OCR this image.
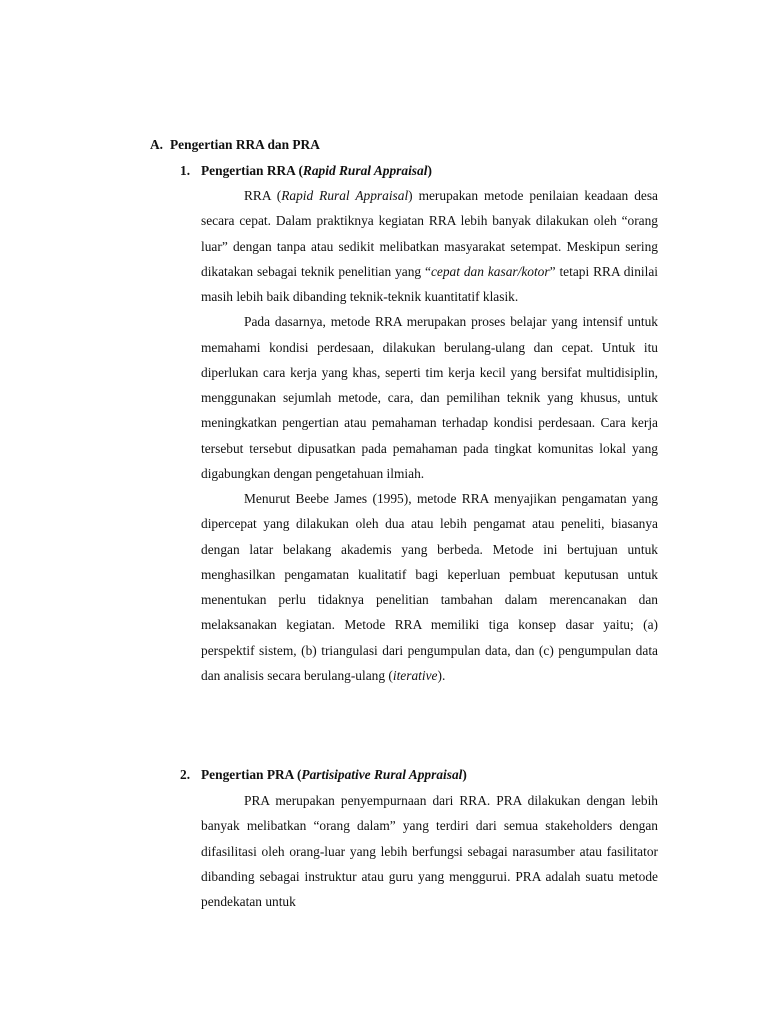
A. Pengertian RRA dan PRA
1. Pengertian RRA (Rapid Rural Appraisal)

RRA (Rapid Rural Appraisal) merupakan metode penilaian keadaan desa secara cepat. Dalam praktiknya kegiatan RRA lebih banyak dilakukan oleh “orang luar” dengan tanpa atau sedikit melibatkan masyarakat setempat. Meskipun sering dikatakan sebagai teknik penelitian yang “cepat dan kasar/kotor” tetapi RRA dinilai masih lebih baik dibanding teknik-teknik kuantitatif klasik.

Pada dasarnya, metode RRA merupakan proses belajar yang intensif untuk memahami kondisi perdesaan, dilakukan berulang-ulang dan cepat. Untuk itu diperlukan cara kerja yang khas, seperti tim kerja kecil yang bersifat multidisiplin, menggunakan sejumlah metode, cara, dan pemilihan teknik yang khusus, untuk meningkatkan pengertian atau pemahaman terhadap kondisi perdesaan. Cara kerja tersebut tersebut dipusatkan pada pemahaman pada tingkat komunitas lokal yang digabungkan dengan pengetahuan ilmiah.

Menurut Beebe James (1995), metode RRA menyajikan pengamatan yang dipercepat yang dilakukan oleh dua atau lebih pengamat atau peneliti, biasanya dengan latar belakang akademis yang berbeda. Metode ini bertujuan untuk menghasilkan pengamatan kualitatif bagi keperluan pembuat keputusan untuk menentukan perlu tidaknya penelitian tambahan dalam merencanakan dan melaksanakan kegiatan. Metode RRA memiliki tiga konsep dasar yaitu; (a) perspektif sistem, (b) triangulasi dari pengumpulan data, dan (c) pengumpulan data dan analisis secara berulang-ulang (iterative).

2. Pengertian PRA (Partisipative Rural Appraisal)

PRA merupakan penyempurnaan dari RRA. PRA dilakukan dengan lebih banyak melibatkan “orang dalam” yang terdiri dari semua stakeholders dengan difasilitasi oleh orang-luar yang lebih berfungsi sebagai narasumber atau fasilitator dibanding sebagai instruktur atau guru yang menggurui. PRA adalah suatu metode pendekatan untuk
